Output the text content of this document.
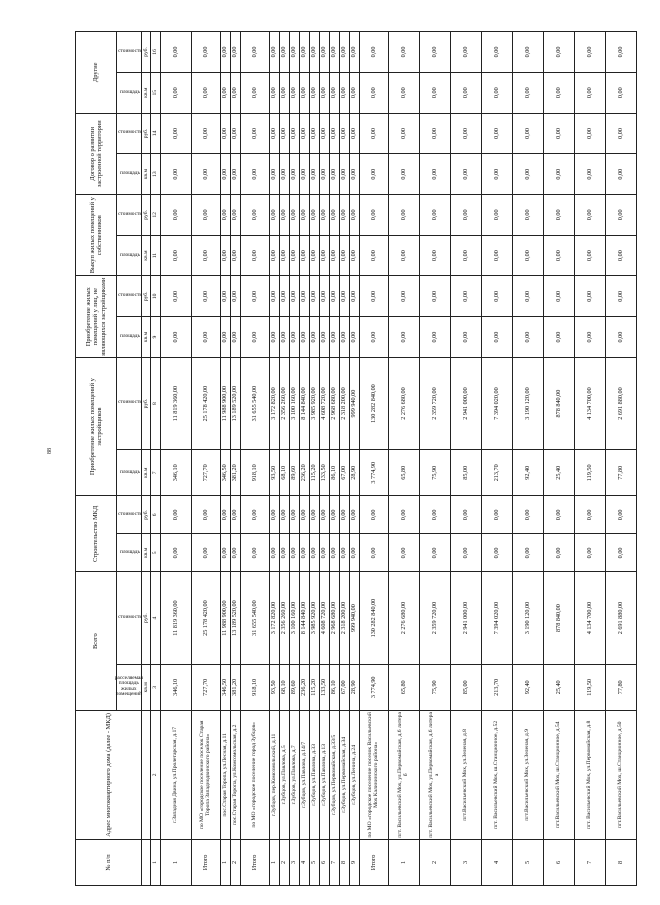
88
№ п/п	Адрес многоквартирного дома (далее - МКД)	Всего		Строительство МКД		Приобретение жилых помещений у застройщиков		Приобретение жилых помещений у лиц, не являющихся застройщиками		Выкуп жилых помещений у собственников		Договор о развитии застроенной территории		Другие	
		расселяемая площадь жилых помещений	стоимость	площадь	стоимость	площадь	стоимость	площадь	стоимость	площадь	стоимость	площадь	стоимость	площадь	стоимость
		кв.м	руб.	кв.м	руб.	кв.м	руб.	кв.м	руб.	кв.м	руб.	кв.м	руб.	кв.м	руб.
1	2	3	4	5	6	7	8	9	10	11	12	13	14	15	16
1	г.Западная Двина, ул.Пролетарская, д.17	346,10	11 819 360,00	0,00	0,00	346,10	11 819 360,00	0,00	0,00	0,00	0,00	0,00	0,00	0,00	0,00
Итого	по МО «городское поселение поселок Старая Торопа Западнодвинского района»	727,70	25 178 420,00	0,00	0,00	727,70	25 178 420,00	0,00	0,00	0,00	0,00	0,00	0,00	0,00	0,00
1	пос.Старая Торопа, ул.Лесная, д.11	346,50	11 988 900,00	0,00	0,00	346,50	11 988 900,00	0,00	0,00	0,00	0,00	0,00	0,00	0,00	0,00
2	пос.Старая Торопа, ул.Комсомольская, д.2	381,20	13 189 520,00	0,00	0,00	381,20	13 189 520,00	0,00	0,00	0,00	0,00	0,00	0,00	0,00	0,00
Итого	по МО «городское поселение город Зубцов»	918,10	31 655 540,00	0,00	0,00	918,10	31 655 540,00	0,00	0,00	0,00	0,00	0,00	0,00	0,00	0,00
1	г.Зубцов, пер.Комсомольский, д.11	93,50	3 172 820,00	0,00	0,00	93,50	3 172 820,00	0,00	0,00	0,00	0,00	0,00	0,00	0,00	0,00
2	г.Зубцов, ул.Павлова, д.5	68,10	2 356 260,00	0,00	0,00	68,10	2 356 260,00	0,00	0,00	0,00	0,00	0,00	0,00	0,00	0,00
3	г.Зубцов, ул.Павлова, д.7	89,60	3 100 160,00	0,00	0,00	89,60	3 100 160,00	0,00	0,00	0,00	0,00	0,00	0,00	0,00	0,00
4	г.Зубцов, ул.Павлова, д.14/7	236,20	8 144 840,00	0,00	0,00	236,20	8 144 840,00	0,00	0,00	0,00	0,00	0,00	0,00	0,00	0,00
5	г.Зубцов, ул.Павлова, д.33	115,20	3 985 920,00	0,00	0,00	115,20	3 985 920,00	0,00	0,00	0,00	0,00	0,00	0,00	0,00	0,00
6	г.Зубцов, ул.Павлова, д.13	133,50	4 608 720,00	0,00	0,00	133,50	4 608 720,00	0,00	0,00	0,00	0,00	0,00	0,00	0,00	0,00
7	г.Зубцов, ул.Первомайская, д.33/5	86,10	2 968 680,00	0,00	0,00	86,10	2 968 680,00	0,00	0,00	0,00	0,00	0,00	0,00	0,00	0,00
8	г.Зубцов, ул.Первомайская, д.34	67,00	2 318 200,00	0,00	0,00	67,00	2 318 200,00	0,00	0,00	0,00	0,00	0,00	0,00	0,00	0,00
9	г.Зубцов, ул.Ленина, д.24	28,90	999 940,00	0,00	0,00	28,90	999 940,00	0,00	0,00	0,00	0,00	0,00	0,00	0,00	0,00
Итого	по МО «городское поселение поселок Васильевский Мох Калининского района»	3 774,90	130 282 840,00	0,00	0,00	3 774,90	130 282 840,00	0,00	0,00	0,00	0,00	0,00	0,00	0,00	0,00
1	пгт. Васильевский Мох, ул.Первомайская, д.6 литера б	65,80	2 276 680,00	0,00	0,00	65,80	2 276 680,00	0,00	0,00	0,00	0,00	0,00	0,00	0,00	0,00
2	пгт. Васильевский Мох, ул.Первомайская, д.6 литера а	75,90	2 359 720,00	0,00	0,00	75,90	2 359 720,00	0,00	0,00	0,00	0,00	0,00	0,00	0,00	0,00
3	пгт.Васильевский Мох, ул.Зеленая, д.8	85,00	2 941 000,00	0,00	0,00	85,00	2 941 000,00	0,00	0,00	0,00	0,00	0,00	0,00	0,00	0,00
4	пгт. Васильевский Мох, ш.Станционное, д.52	213,70	7 394 020,00	0,00	0,00	213,70	7 394 020,00	0,00	0,00	0,00	0,00	0,00	0,00	0,00	0,00
5	пгт.Васильевский Мох, ул.Зеленая, д.9	92,40	3 190 120,00	0,00	0,00	92,40	3 190 120,00	0,00	0,00	0,00	0,00	0,00	0,00	0,00	0,00
6	пгт.Васильевский Мох, ш.Станционное, д.54	25,40	878 840,00	0,00	0,00	25,40	878 840,00	0,00	0,00	0,00	0,00	0,00	0,00	0,00	0,00
7	пгт. Васильевский Мох, ул.Первомайская, д.8	119,50	4 134 700,00	0,00	0,00	119,50	4 134 700,00	0,00	0,00	0,00	0,00	0,00	0,00	0,00	0,00
8	пгт.Васильевский Мох, ш.Станционное, д.50	77,80	2 691 880,00	0,00	0,00	77,80	2 691 880,00	0,00	0,00	0,00	0,00	0,00	0,00	0,00	0,00
